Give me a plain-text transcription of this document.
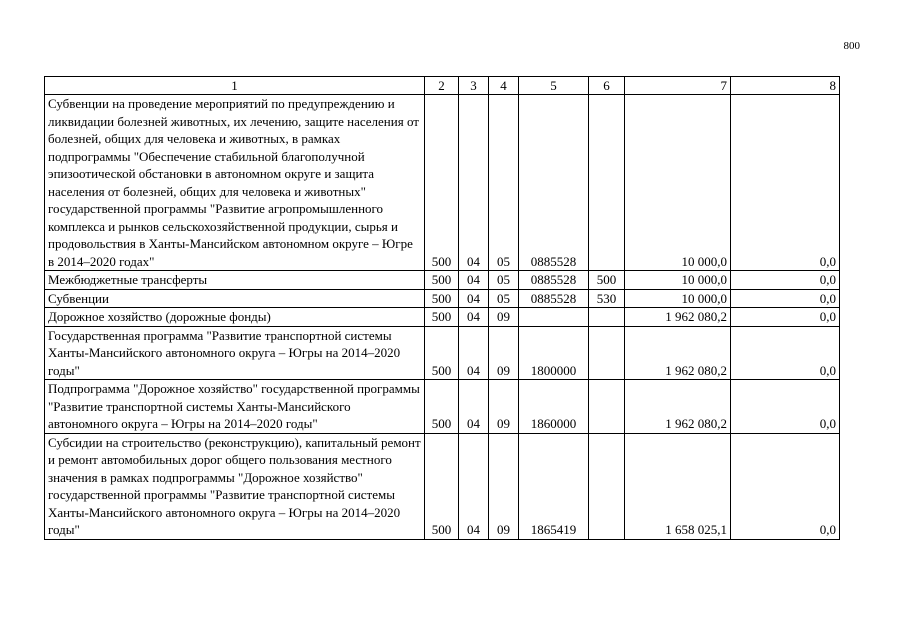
800
1	2	3	4	5	6	7	8
Субвенции на проведение мероприятий по предупреждению и ликвидации болезней животных, их лечению, защите населения от болезней, общих для человека и животных, в рамках подпрограммы "Обеспечение стабильной благополучной эпизоотической обстановки в автономном округе и защита населения от болезней, общих для человека и животных" государственной программы "Развитие агропромышленного комплекса и рынков сельскохозяйственной продукции, сырья и продовольствия в Ханты-Мансийском автономном округе – Югре в 2014–2020 годах"	500	04	05	0885528		10 000,0	0,0
Межбюджетные трансферты	500	04	05	0885528	500	10 000,0	0,0
Субвенции	500	04	05	0885528	530	10 000,0	0,0
Дорожное хозяйство (дорожные фонды)	500	04	09			1 962 080,2	0,0
Государственная программа "Развитие транспортной системы Ханты-Мансийского автономного округа – Югры на 2014–2020 годы"	500	04	09	1800000		1 962 080,2	0,0
Подпрограмма "Дорожное хозяйство" государственной программы "Развитие транспортной системы Ханты-Мансийского автономного округа – Югры на 2014–2020 годы"	500	04	09	1860000		1 962 080,2	0,0
Субсидии на строительство (реконструкцию), капитальный ремонт и ремонт автомобильных дорог общего пользования местного значения в рамках подпрограммы "Дорожное хозяйство" государственной программы "Развитие транспортной системы Ханты-Мансийского автономного округа – Югры на 2014–2020 годы"	500	04	09	1865419		1 658 025,1	0,0
